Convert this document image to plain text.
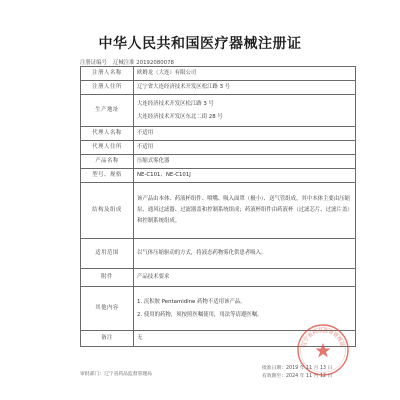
中华人民共和国医疗器械注册证
注册证编号 辽械注准 20192080078
注册人名称	欧姆龙（大连）有限公司
注册人住所	辽宁省大连经济技术开发区松江路 3 号
生产地址	大连经济技术开发区松江路 3 号
大连经济技术开发区东北二街 28 号

代理人名称	不适用
代理人住所	不适用
产品名称	压缩式雾化器
型号、规格	NE-C101、NE-C101J
结构及组成	该产品由本体、药液杯组件、喷嘴、吸入面罩（极小）、送气管组成，其中本体主要由压缩泵、通风过滤器、过滤器盖和控制系统组成；药液杯组件由药液杯（过滤芯片、过滤片盖）和控制系统组成。

适用范围	以气体压缩驱动的方式，将液态药物雾化供患者吸入。

附件	产品技术要求
其他内容	1. 沉积胺 Pentamidine 药物不适用该产品。
2. 使用的药物，须按照医嘱使用，用法等请遵医嘱。

备注	无
辽宁省药品监督管理局
审批部门：辽宁省药品监督管理局
批准日期：2019 年 11 月 13 日
有效期至：2024 年 11 月 12 日
